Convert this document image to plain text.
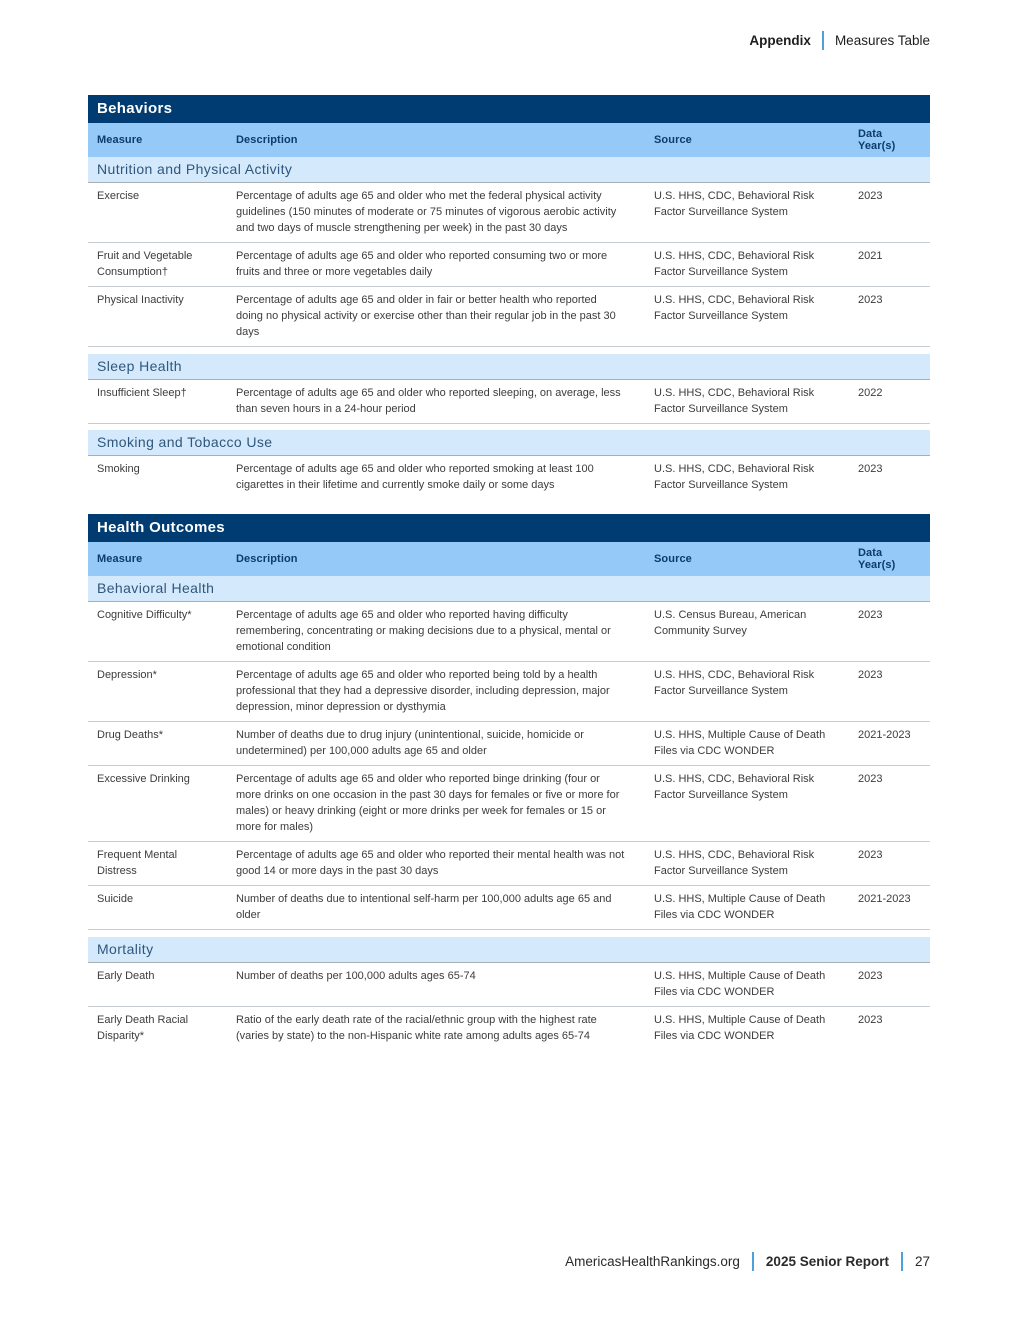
Appendix Measures Table
Behaviors			
Measure	Description	Source	Data Year(s)
Nutrition and Physical Activity			
Exercise	Percentage of adults age 65 and older who met the federal physical activity guidelines (150 minutes of moderate or 75 minutes of vigorous aerobic activity and two days of muscle strengthening per week) in the past 30 days	U.S. HHS, CDC, Behavioral Risk Factor Surveillance System	2023
Fruit and Vegetable Consumption†	Percentage of adults age 65 and older who reported consuming two or more fruits and three or more vegetables daily	U.S. HHS, CDC, Behavioral Risk Factor Surveillance System	2021
Physical Inactivity	Percentage of adults age 65 and older in fair or better health who reported doing no physical activity or exercise other than their regular job in the past 30 days	U.S. HHS, CDC, Behavioral Risk Factor Surveillance System	2023

Sleep Health			
Insufficient Sleep†	Percentage of adults age 65 and older who reported sleeping, on average, less than seven hours in a 24-hour period	U.S. HHS, CDC, Behavioral Risk Factor Surveillance System	2022

Smoking and Tobacco Use			
Smoking	Percentage of adults age 65 and older who reported smoking at least 100 cigarettes in their lifetime and currently smoke daily or some days	U.S. HHS, CDC, Behavioral Risk Factor Surveillance System	2023
Health Outcomes			
Measure	Description	Source	Data Year(s)
Behavioral Health			
Cognitive Difficulty*	Percentage of adults age 65 and older who reported having difficulty remembering, concentrating or making decisions due to a physical, mental or emotional condition	U.S. Census Bureau, American Community Survey	2023
Depression*	Percentage of adults age 65 and older who reported being told by a health professional that they had a depressive disorder, including depression, major depression, minor depression or dysthymia	U.S. HHS, CDC, Behavioral Risk Factor Surveillance System	2023
Drug Deaths*	Number of deaths due to drug injury (unintentional, suicide, homicide or undetermined) per 100,000 adults age 65 and older	U.S. HHS, Multiple Cause of Death Files via CDC WONDER	2021-2023
Excessive Drinking	Percentage of adults age 65 and older who reported binge drinking (four or more drinks on one occasion in the past 30 days for females or five or more for males) or heavy drinking (eight or more drinks per week for females or 15 or more for males)	U.S. HHS, CDC, Behavioral Risk Factor Surveillance System	2023
Frequent Mental Distress	Percentage of adults age 65 and older who reported their mental health was not good 14 or more days in the past 30 days	U.S. HHS, CDC, Behavioral Risk Factor Surveillance System	2023
Suicide	Number of deaths due to intentional self-harm per 100,000 adults age 65 and older	U.S. HHS, Multiple Cause of Death Files via CDC WONDER	2021-2023

Mortality			
Early Death	Number of deaths per 100,000 adults ages 65-74	U.S. HHS, Multiple Cause of Death Files via CDC WONDER	2023
Early Death Racial Disparity*	Ratio of the early death rate of the racial/ethnic group with the highest rate (varies by state) to the non-Hispanic white rate among adults ages 65-74	U.S. HHS, Multiple Cause of Death Files via CDC WONDER	2023
AmericasHealthRankings.org 2025 Senior Report 27
